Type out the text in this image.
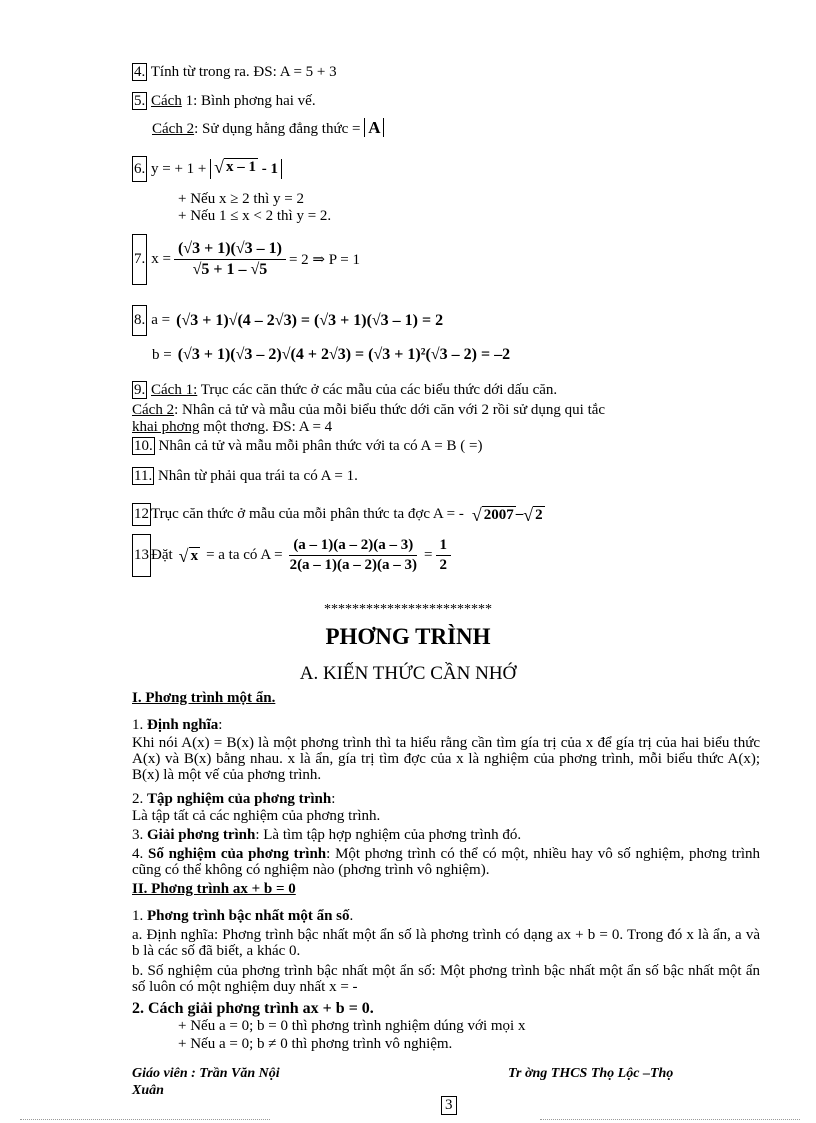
4. Tính từ trong ra. ĐS: A = 5 + 3
5. Cách 1: Bình phơng hai vế.
Cách 2: Sử dụng hằng đẳng thức = A
6. y = + 1 + √ x – 1 - 1
+ Nếu x ≥ 2 thì y = 2
+ Nếu 1 ≤ x < 2 thì y = 2.
7. $x = \frac{(√3 + 1)(√3 - 1)}{√5 + 1 - √5} = 2$ ⇒ P = 1
8. a = (√3 + 1)√(4 – 2√3) = (√3 + 1)(√3 – 1) = 2
b = (√3 + 1)(√3 – 2)√(4 + 2√3) = (√3 + 1)²(√3 – 2) = –2
9. Cách 1: Trục các căn thức ở các mẫu của các biểu thức dới dấu căn.
Cách 2: Nhân cả tử và mẫu của mỗi biểu thức dới căn với 2 rồi sử dụng qui tắc
khai phơng một thơng. ĐS: A = 4
10. Nhân cả tử và mẫu mỗi phân thức với ta có A = B ( =)
11. Nhân từ phải qua trái ta có A = 1.
12 Trục căn thức ở mẫu của mỗi phân thức ta đợc A = - √ 2007 – √ 2
13 Đặt √ x = a ta có $A = \frac{(a - 1)(a - 2)(a - 3)}{2(a - 1)(a - 2)(a - 3)} = \frac{1}{2}$
************************
PHƠNG TRÌNH
A. KIẾN THỨC CẦN NHỚ
I. Phơng trình một ẩn.
1. Định nghĩa:
Khi nói A(x) = B(x) là một phơng trình thì ta hiểu rằng cần tìm gía trị của x để gía trị của hai biểu thức A(x) và B(x) bằng nhau. x là ẩn, gía trị tìm đợc của x là nghiệm của phơng trình, mỗi biểu thức A(x); B(x) là một vế của phơng trình.
2. Tập nghiệm của phơng trình:
Là tập tất cả các nghiệm của phơng trình.
3. Giải phơng trình: Là tìm tập hợp nghiệm của phơng trình đó.
4. Số nghiệm của phơng trình: Một phơng trình có thể có một, nhiều hay vô số nghiệm, phơng trình cũng có thể không có nghiệm nào (phơng trình vô nghiệm).
II. Phơng trình ax + b = 0
1. Phơng trình bậc nhất một ẩn số.
a. Định nghĩa: Phơng trình bậc nhất một ẩn số là phơng trình có dạng ax + b = 0. Trong đó x là ẩn, a và b là các số đã biết, a khác 0.
b. Số nghiệm của phơng trình bậc nhất một ẩn số: Một phơng trình bậc nhất một ẩn số bậc nhất một ẩn số luôn có một nghiệm duy nhất x = -
2. Cách giải phơng trình ax + b = 0.
+ Nếu a = 0; b = 0 thì phơng trình nghiệm dúng với mọi x
+ Nếu a = 0; b ≠ 0 thì phơng trình vô nghiệm.
Giáo viên : Trần Văn Nội
Xuân
Tr ờng THCS Thọ Lộc –Thọ
3
